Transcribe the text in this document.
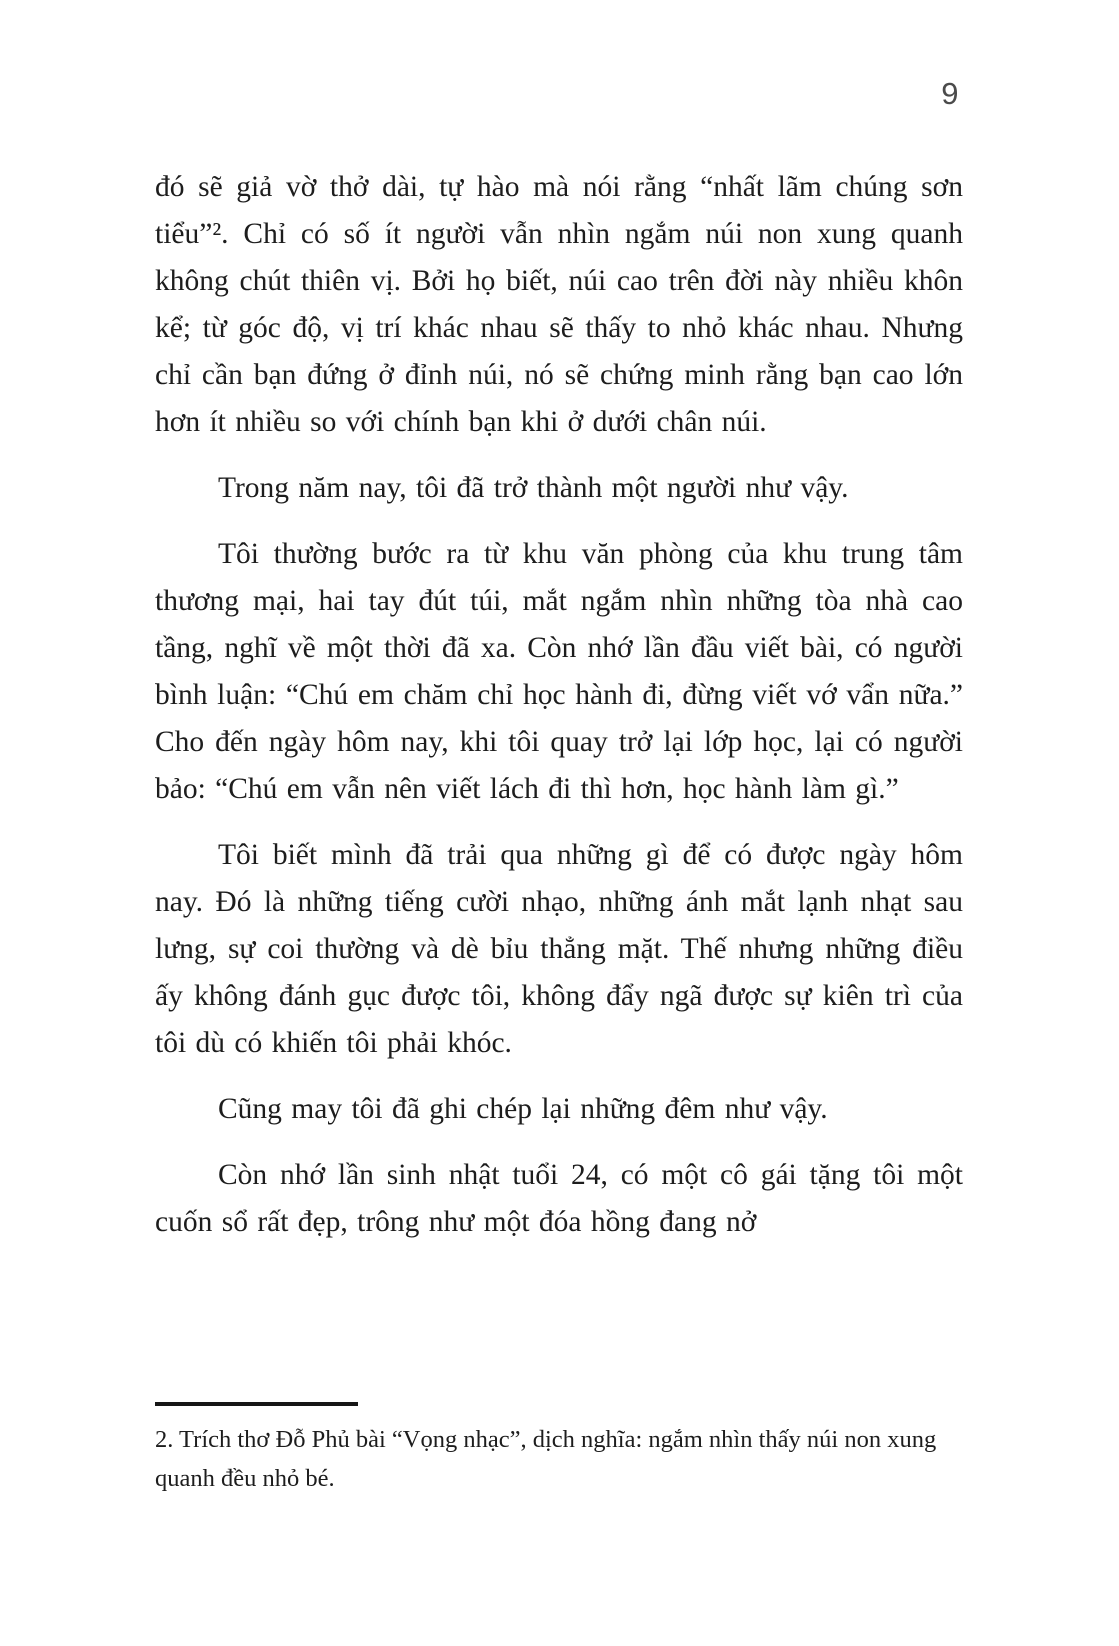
9

đó sẽ giả vờ thở dài, tự hào mà nói rằng “nhất lãm chúng sơn tiểu”². Chỉ có số ít người vẫn nhìn ngắm núi non xung quanh không chút thiên vị. Bởi họ biết, núi cao trên đời này nhiều khôn kể; từ góc độ, vị trí khác nhau sẽ thấy to nhỏ khác nhau. Nhưng chỉ cần bạn đứng ở đỉnh núi, nó sẽ chứng minh rằng bạn cao lớn hơn ít nhiều so với chính bạn khi ở dưới chân núi.

Trong năm nay, tôi đã trở thành một người như vậy.

Tôi thường bước ra từ khu văn phòng của khu trung tâm thương mại, hai tay đút túi, mắt ngắm nhìn những tòa nhà cao tầng, nghĩ về một thời đã xa. Còn nhớ lần đầu viết bài, có người bình luận: “Chú em chăm chỉ học hành đi, đừng viết vớ vẩn nữa.” Cho đến ngày hôm nay, khi tôi quay trở lại lớp học, lại có người bảo: “Chú em vẫn nên viết lách đi thì hơn, học hành làm gì.”

Tôi biết mình đã trải qua những gì để có được ngày hôm nay. Đó là những tiếng cười nhạo, những ánh mắt lạnh nhạt sau lưng, sự coi thường và dè bỉu thẳng mặt. Thế nhưng những điều ấy không đánh gục được tôi, không đẩy ngã được sự kiên trì của tôi dù có khiến tôi phải khóc.

Cũng may tôi đã ghi chép lại những đêm như vậy.

Còn nhớ lần sinh nhật tuổi 24, có một cô gái tặng tôi một cuốn sổ rất đẹp, trông như một đóa hồng đang nở

2. Trích thơ Đỗ Phủ bài “Vọng nhạc”, dịch nghĩa: ngắm nhìn thấy núi non xung quanh đều nhỏ bé.
